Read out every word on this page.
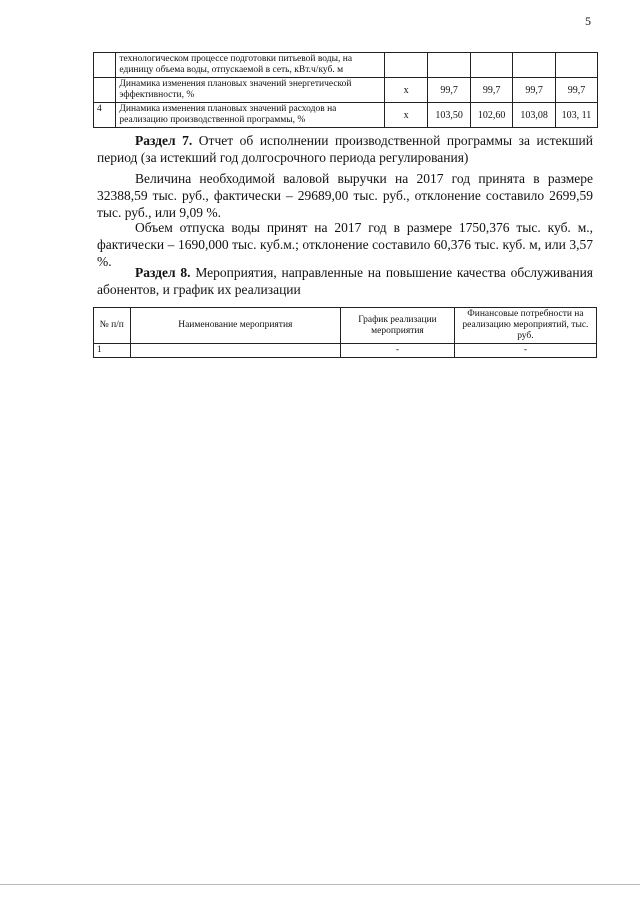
5
	технологическом процессе подготовки питьевой воды, на единицу объема воды, отпускаемой в сеть, кВт.ч/куб. м					
	Динамика изменения плановых значений энергетической эффективности, %	х	99,7	99,7	99,7	99,7
4	Динамика изменения плановых значений расходов на реализацию производственной программы, %	х	103,50	102,60	103,08	103, 11
Раздел 7. Отчет об исполнении производственной программы за истекший период (за истекший год долгосрочного периода регулирования)
Величина необходимой валовой выручки на 2017 год принята в размере 32388,59 тыс. руб., фактически – 29689,00 тыс. руб., отклонение составило 2699,59 тыс. руб., или 9,09 %.
Объем отпуска воды принят на 2017 год в размере 1750,376 тыс. куб. м., фактически – 1690,000 тыс. куб.м.; отклонение составило 60,376 тыс. куб. м, или 3,57 %.
Раздел 8. Мероприятия, направленные на повышение качества обслуживания абонентов, и график их реализации
№ п/п	Наименование мероприятия	График реализации мероприятия	Финансовые потребности на реализацию мероприятий, тыс. руб.
1		-	-
